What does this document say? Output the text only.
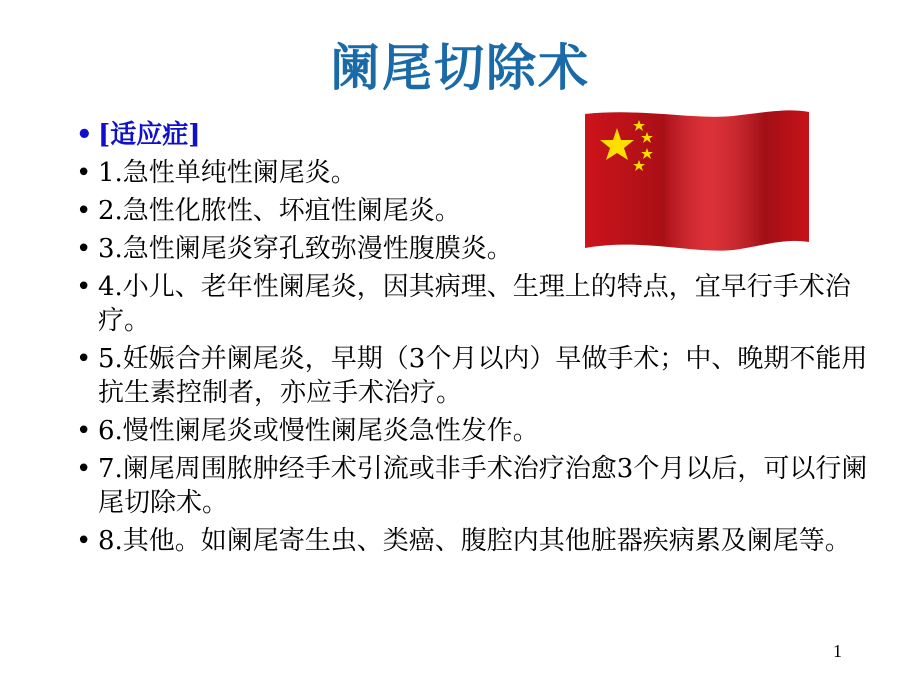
阑尾切除术
• [适应症]
• 1.急性单纯性阑尾炎。
• 2.急性化脓性、坏疽性阑尾炎。
• 3.急性阑尾炎穿孔致弥漫性腹膜炎。
• 4.小儿、老年性阑尾炎，因其病理、生理上的特点，宜早行手术治疗。
• 5.妊娠合并阑尾炎，早期（3个月以内）早做手术；中、晚期不能用抗生素控制者，亦应手术治疗。
• 6.慢性阑尾炎或慢性阑尾炎急性发作。
• 7.阑尾周围脓肿经手术引流或非手术治疗治愈3个月以后，可以行阑尾切除术。
• 8.其他。如阑尾寄生虫、类癌、腹腔内其他脏器疾病累及阑尾等。
1
